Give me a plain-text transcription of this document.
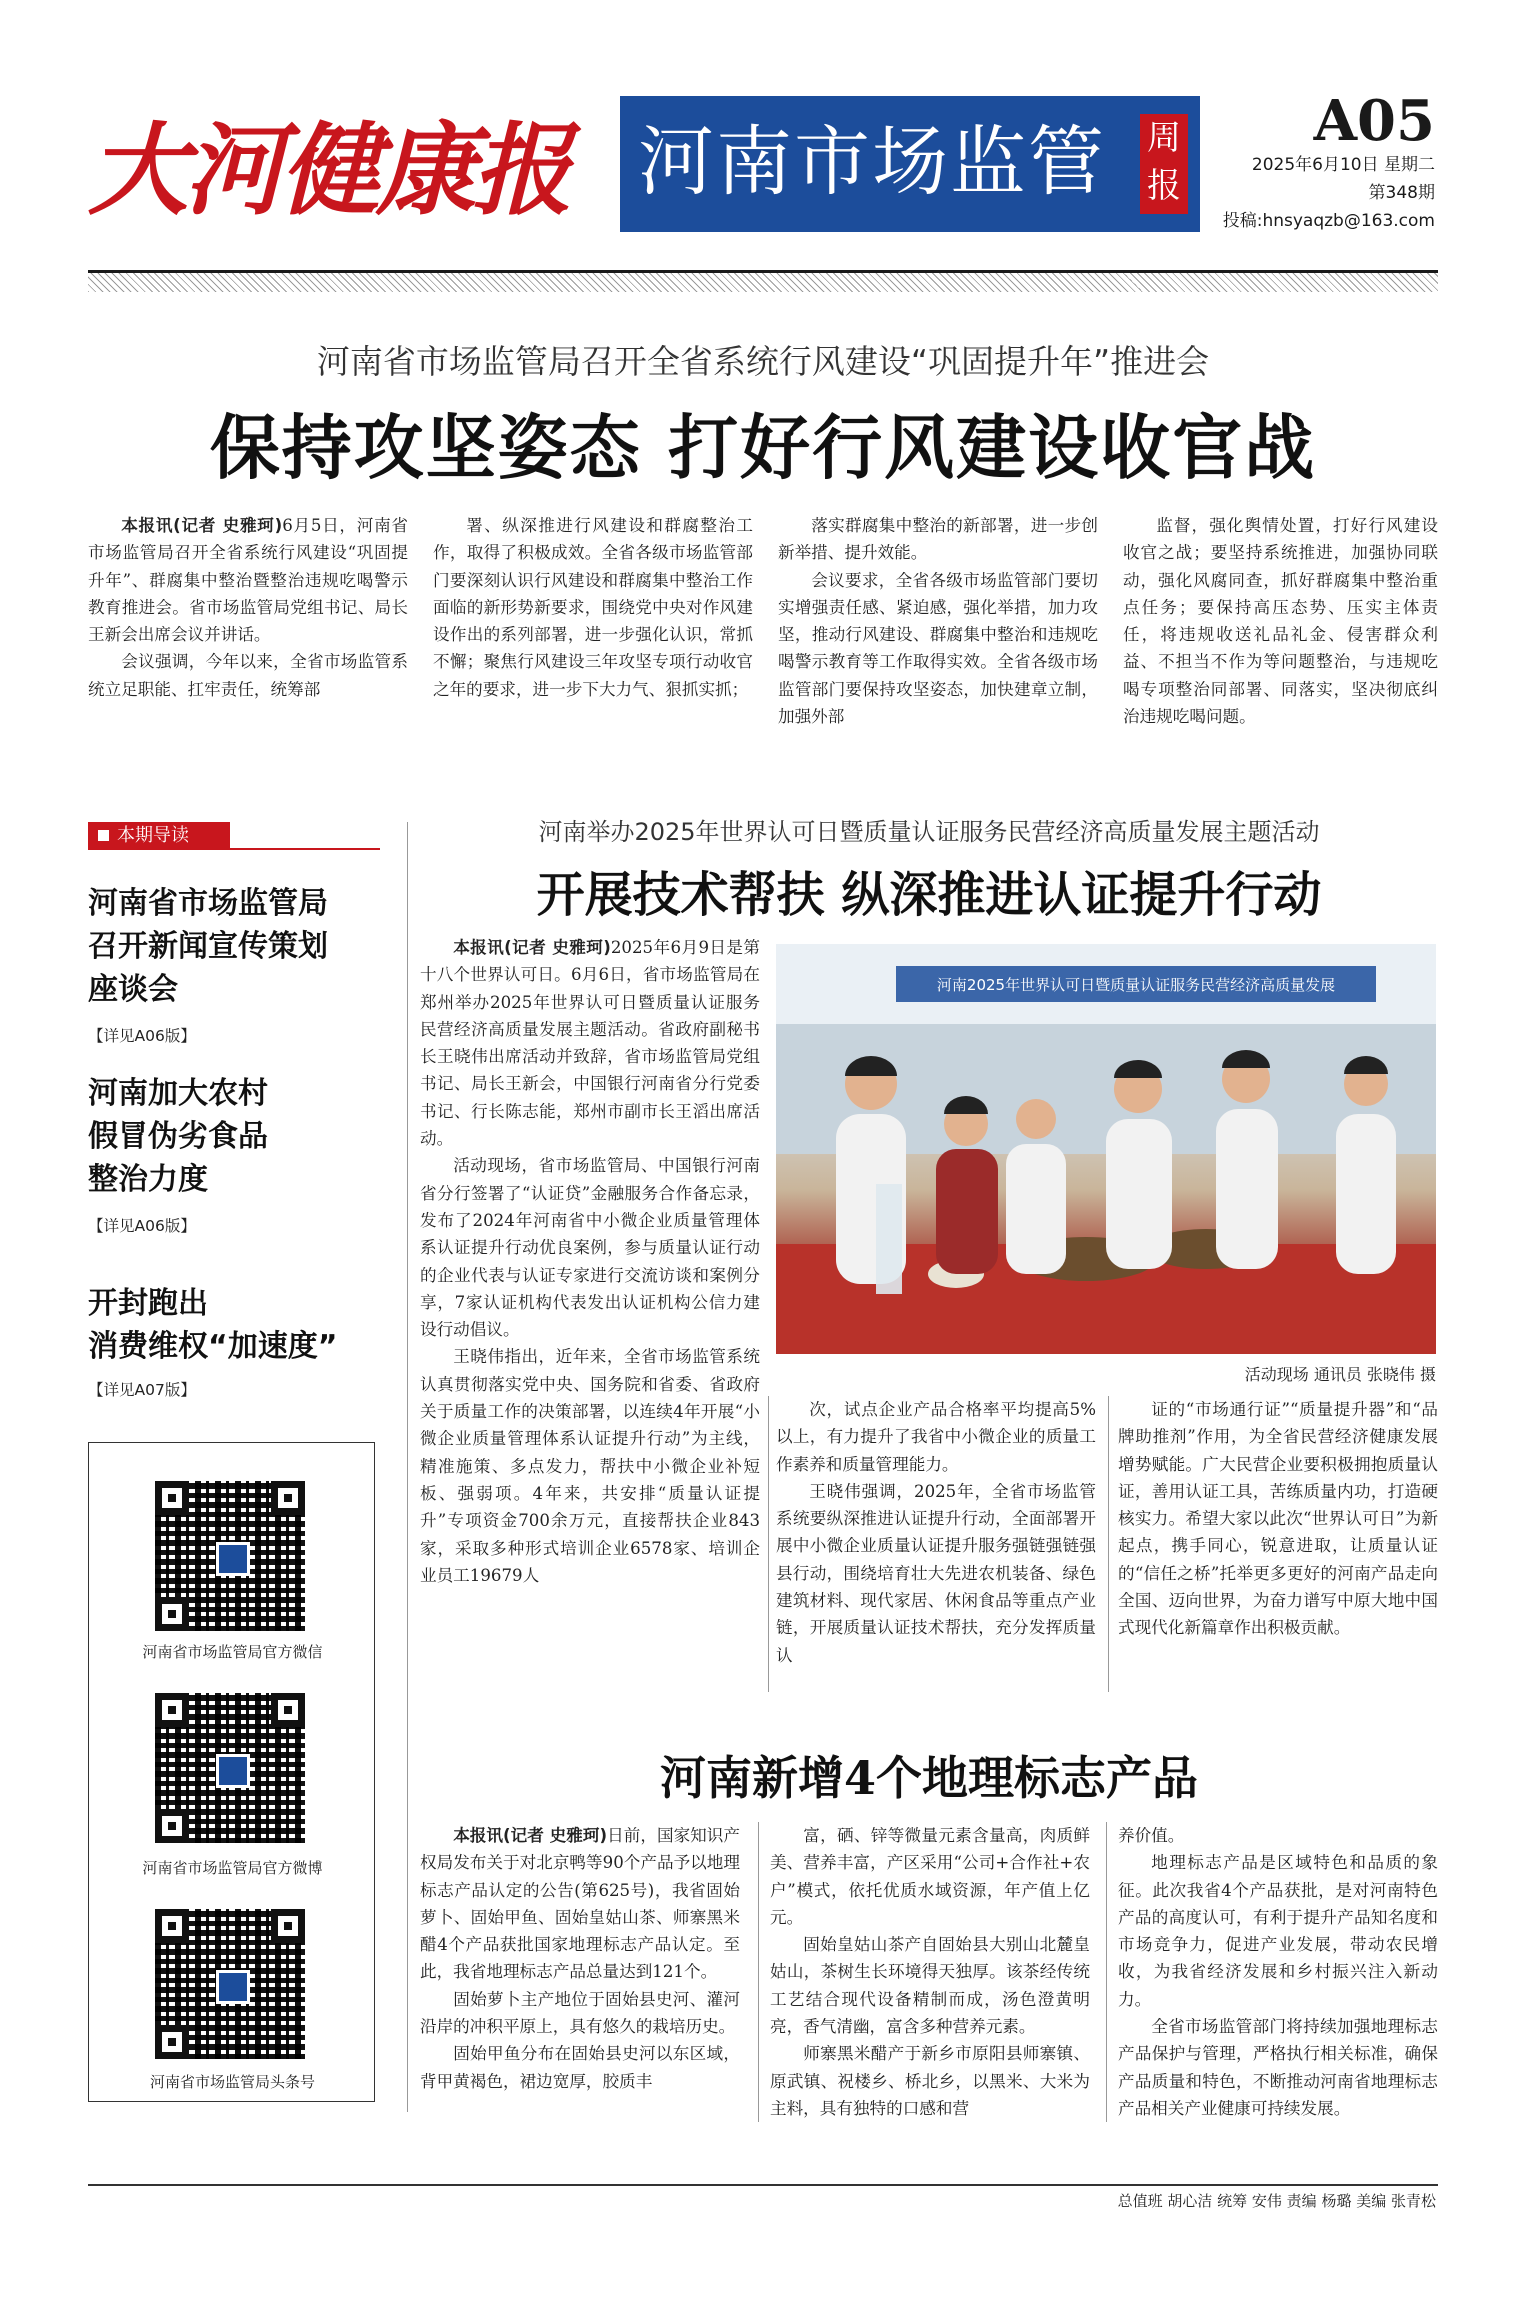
大河健康报 河南市场监管 周报
A05
2025年6月10日 星期二
第348期
投稿:hnsyaqzb@163.com
河南省市场监管局召开全省系统行风建设“巩固提升年”推进会
保持攻坚姿态 打好行风建设收官战

本报讯(记者 史雅珂)6月5日，河南省市场监管局召开全省系统行风建设“巩固提升年”、群腐集中整治暨整治违规吃喝警示教育推进会。省市场监管局党组书记、局长王新会出席会议并讲话。

会议强调，今年以来，全省市场监管系统立足职能、扛牢责任，统筹部

署、纵深推进行风建设和群腐整治工作，取得了积极成效。全省各级市场监管部门要深刻认识行风建设和群腐集中整治工作面临的新形势新要求，围绕党中央对作风建设作出的系列部署，进一步强化认识，常抓不懈；聚焦行风建设三年攻坚专项行动收官之年的要求，进一步下大力气、狠抓实抓；

落实群腐集中整治的新部署，进一步创新举措、提升效能。

会议要求，全省各级市场监管部门要切实增强责任感、紧迫感，强化举措，加力攻坚，推动行风建设、群腐集中整治和违规吃喝警示教育等工作取得实效。全省各级市场监管部门要保持攻坚姿态，加快建章立制，加强外部

监督，强化舆情处置，打好行风建设收官之战；要坚持系统推进，加强协同联动，强化风腐同查，抓好群腐集中整治重点任务；要保持高压态势、压实主体责任，将违规收送礼品礼金、侵害群众利益、不担当不作为等问题整治，与违规吃喝专项整治同部署、同落实，坚决彻底纠治违规吃喝问题。

本期导读
河南省市场监管局
召开新闻宣传策划
座谈会
【详见A06版】
河南加大农村
假冒伪劣食品
整治力度
【详见A06版】
开封跑出
消费维权“加速度”
【详见A07版】
河南省市场监管局官方微信
河南省市场监管局官方微博
河南省市场监管局头条号
河南举办2025年世界认可日暨质量认证服务民营经济高质量发展主题活动
开展技术帮扶 纵深推进认证提升行动

本报讯(记者 史雅珂)2025年6月9日是第十八个世界认可日。6月6日，省市场监管局在郑州举办2025年世界认可日暨质量认证服务民营经济高质量发展主题活动。省政府副秘书长王晓伟出席活动并致辞，省市场监管局党组书记、局长王新会，中国银行河南省分行党委书记、行长陈志能，郑州市副市长王滔出席活动。

活动现场，省市场监管局、中国银行河南省分行签署了“认证贷”金融服务合作备忘录，发布了2024年河南省中小微企业质量管理体系认证提升行动优良案例，参与质量认证行动的企业代表与认证专家进行交流访谈和案例分享，7家认证机构代表发出认证机构公信力建设行动倡议。

王晓伟指出，近年来，全省市场监管系统认真贯彻落实党中央、国务院和省委、省政府关于质量工作的决策部署，以连续4年开展“小微企业质量管理体系认证提升行动”为主线，精准施策、多点发力，帮扶中小微企业补短板、强弱项。4年来，共安排“质量认证提升”专项资金700余万元，直接帮扶企业843家，采取多种形式培训企业6578家、培训企业员工19679人

河南2025年世界认可日暨质量认证服务民营经济高质量发展
活动现场 通讯员 张晓伟 摄

次，试点企业产品合格率平均提高5%以上，有力提升了我省中小微企业的质量工作素养和质量管理能力。

王晓伟强调，2025年，全省市场监管系统要纵深推进认证提升行动，全面部署开展中小微企业质量认证提升服务强链强链强县行动，围绕培育壮大先进农机装备、绿色建筑材料、现代家居、休闲食品等重点产业链，开展质量认证技术帮扶，充分发挥质量认

证的“市场通行证”“质量提升器”和“品牌助推剂”作用，为全省民营经济健康发展增势赋能。广大民营企业要积极拥抱质量认证，善用认证工具，苦练质量内功，打造硬核实力。希望大家以此次“世界认可日”为新起点，携手同心，锐意进取，让质量认证的“信任之桥”托举更多更好的河南产品走向全国、迈向世界，为奋力谱写中原大地中国式现代化新篇章作出积极贡献。

河南新增4个地理标志产品

本报讯(记者 史雅珂)日前，国家知识产权局发布关于对北京鸭等90个产品予以地理标志产品认定的公告(第625号)，我省固始萝卜、固始甲鱼、固始皇姑山茶、师寨黑米醋4个产品获批国家地理标志产品认定。至此，我省地理标志产品总量达到121个。

固始萝卜主产地位于固始县史河、灌河沿岸的冲积平原上，具有悠久的栽培历史。

固始甲鱼分布在固始县史河以东区域，背甲黄褐色，裙边宽厚，胶质丰

富，硒、锌等微量元素含量高，肉质鲜美、营养丰富，产区采用“公司+合作社+农户”模式，依托优质水域资源，年产值上亿元。

固始皇姑山茶产自固始县大别山北麓皇姑山，茶树生长环境得天独厚。该茶经传统工艺结合现代设备精制而成，汤色澄黄明亮，香气清幽，富含多种营养元素。

师寨黑米醋产于新乡市原阳县师寨镇、原武镇、祝楼乡、桥北乡，以黑米、大米为主料，具有独特的口感和营

养价值。

地理标志产品是区域特色和品质的象征。此次我省4个产品获批，是对河南特色产品的高度认可，有利于提升产品知名度和市场竞争力，促进产业发展，带动农民增收，为我省经济发展和乡村振兴注入新动力。

全省市场监管部门将持续加强地理标志产品保护与管理，严格执行相关标准，确保产品质量和特色，不断推动河南省地理标志产品相关产业健康可持续发展。

总值班 胡心洁 统筹 安伟 责编 杨璐 美编 张青松
